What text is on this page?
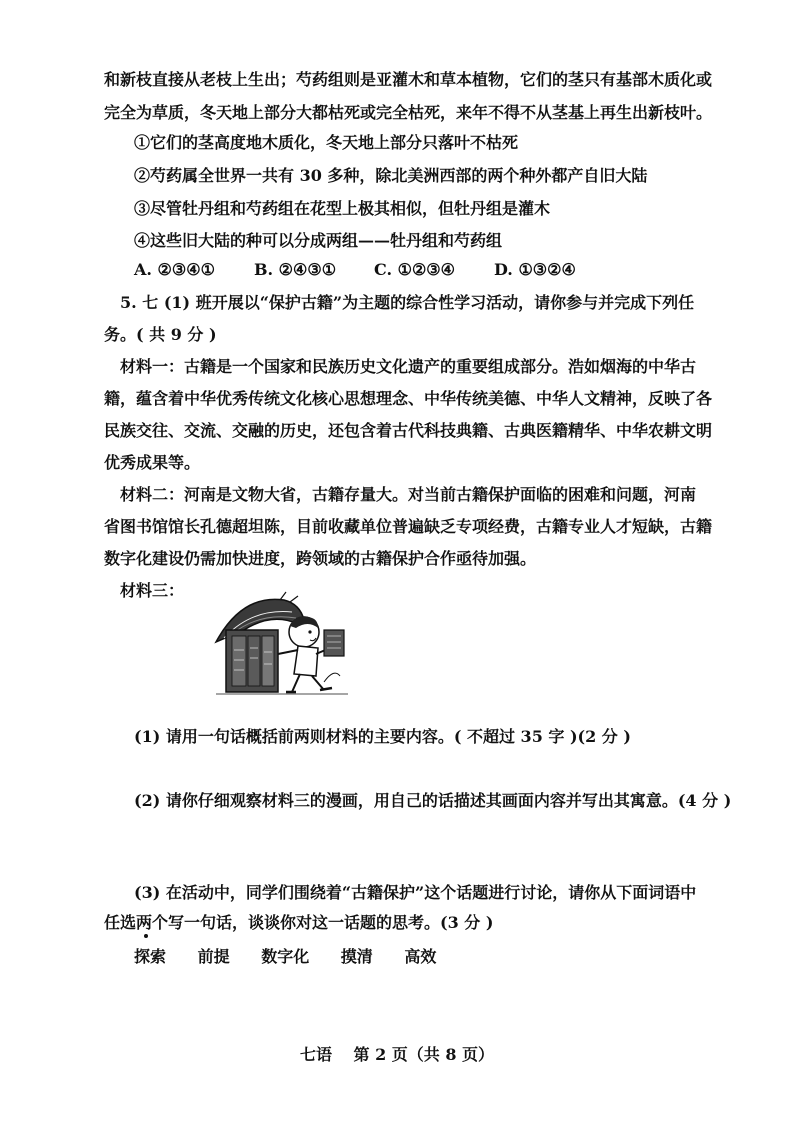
和新枝直接从老枝上生出；芍药组则是亚灌木和草本植物，它们的茎只有基部木质化或
完全为草质，冬天地上部分大都枯死或完全枯死，来年不得不从茎基上再生出新枝叶。
①它们的茎高度地木质化，冬天地上部分只落叶不枯死
②芍药属全世界一共有 30 多种，除北美洲西部的两个种外都产自旧大陆
③尽管牡丹组和芍药组在花型上极其相似，但牡丹组是灌木
④这些旧大陆的种可以分成两组——牡丹组和芍药组
A. ②③④① B. ②④③① C. ①②③④ D. ①③②④
5. 七 (1) 班开展以“保护古籍”为主题的综合性学习活动，请你参与并完成下列任
务。( 共 9 分 )
材料一：古籍是一个国家和民族历史文化遗产的重要组成部分。浩如烟海的中华古
籍，蕴含着中华优秀传统文化核心思想理念、中华传统美德、中华人文精神，反映了各
民族交往、交流、交融的历史，还包含着古代科技典籍、古典医籍精华、中华农耕文明
优秀成果等。
材料二：河南是文物大省，古籍存量大。对当前古籍保护面临的困难和问题，河南
省图书馆馆长孔德超坦陈，目前收藏单位普遍缺乏专项经费，古籍专业人才短缺，古籍
数字化建设仍需加快进度，跨领域的古籍保护合作亟待加强。
材料三：
(1) 请用一句话概括前两则材料的主要内容。( 不超过 35 字 )(2 分 )
(2) 请你仔细观察材料三的漫画，用自己的话描述其画面内容并写出其寓意。(4 分 )
(3) 在活动中，同学们围绕着“古籍保护”这个话题进行讨论，请你从下面词语中
任选两个写一句话，谈谈你对这一话题的思考。(3 分 )
探索 前提 数字化 摸清 高效
七语　 第 2 页（共 8 页）
